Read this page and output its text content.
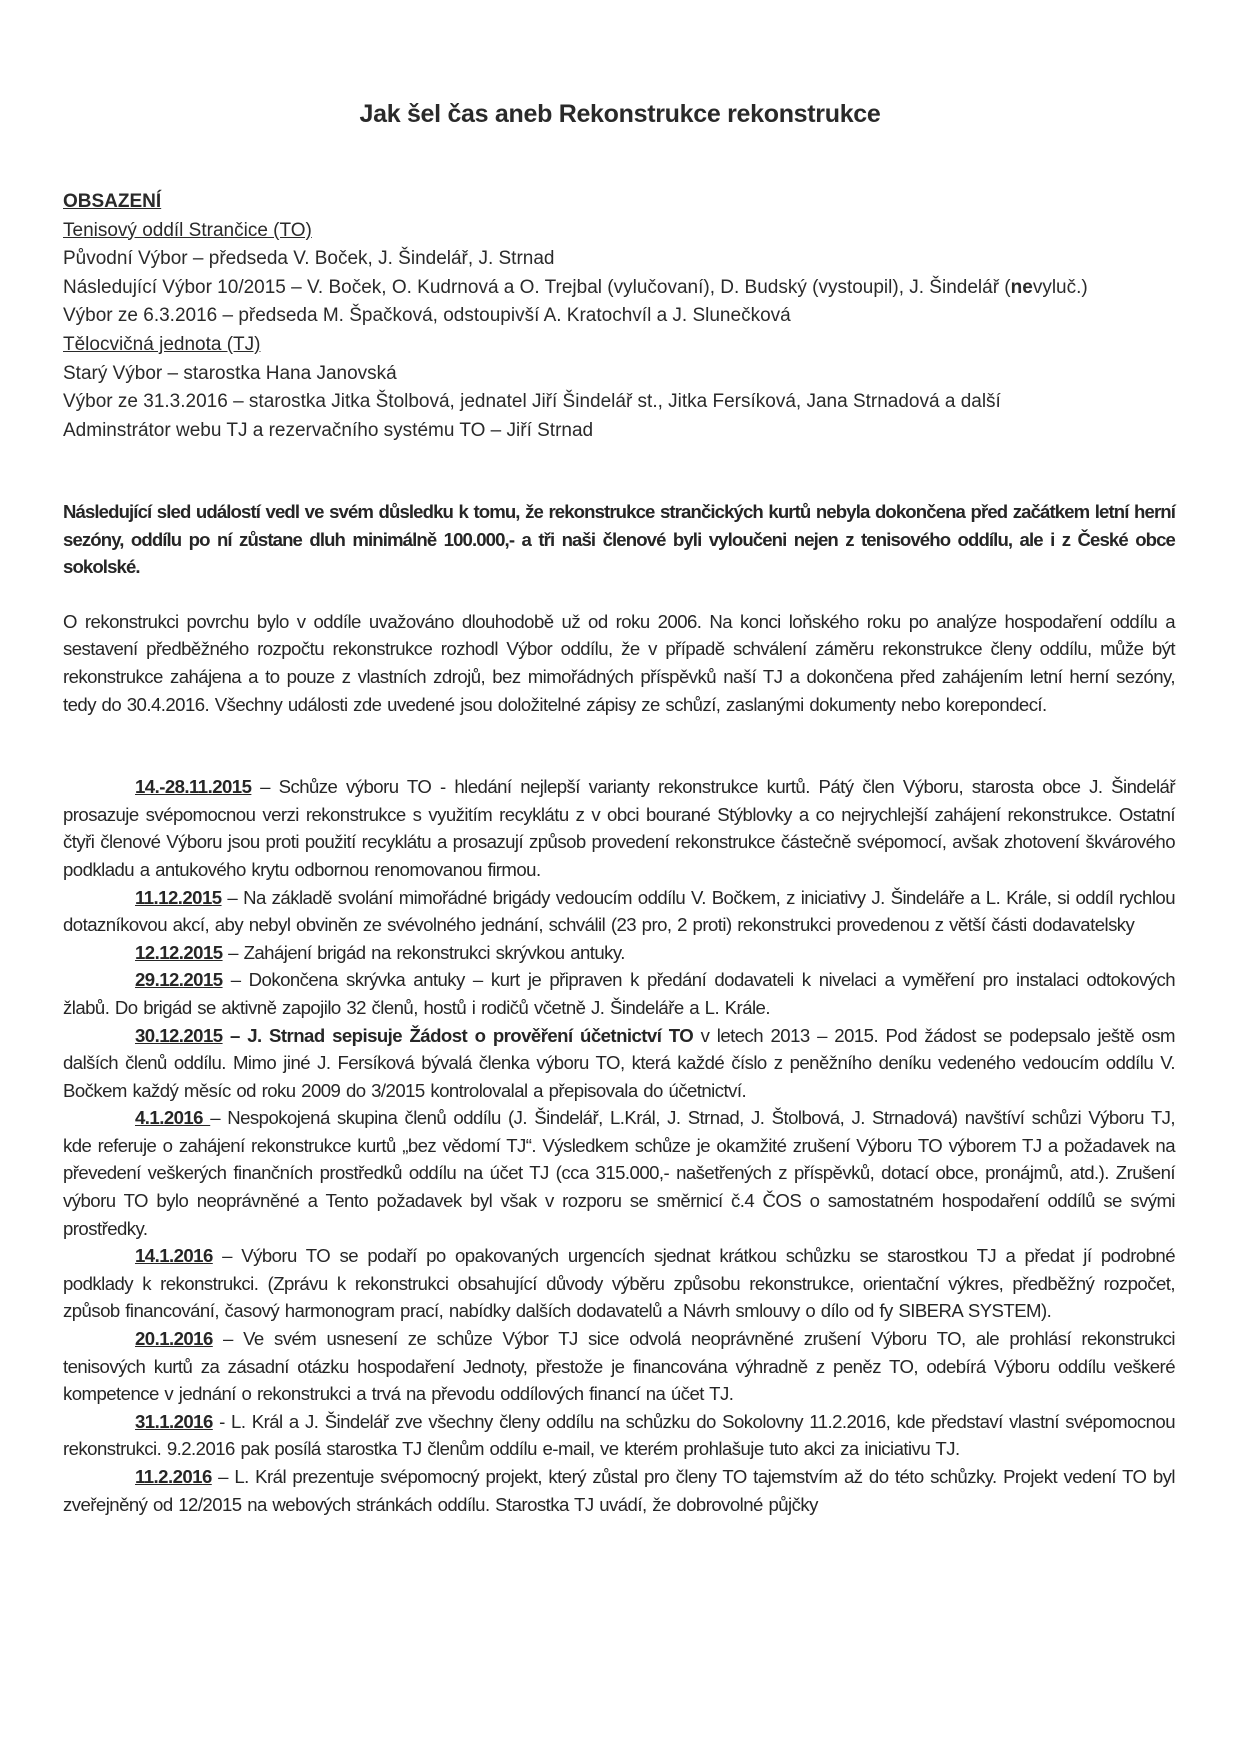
Jak šel čas aneb Rekonstrukce rekonstrukce
OBSAZENÍ
Tenisový oddíl Strančice (TO)
Původní Výbor – předseda V. Boček, J. Šindelář, J. Strnad
Následující Výbor 10/2015 – V. Boček, O. Kudrnová a O. Trejbal (vylučovaní), D. Budský (vystoupil), J. Šindelář (nevyluč.)
Výbor ze 6.3.2016 – předseda M. Špačková, odstoupivší A. Kratochvíl a J. Slunečková
Tělocvičná jednota (TJ)
Starý Výbor – starostka Hana Janovská
Výbor ze 31.3.2016 – starostka Jitka Štolbová, jednatel Jiří Šindelář st., Jitka Fersíková, Jana Strnadová a další
Adminstrátor webu TJ a rezervačního systému TO – Jiří Strnad

Následující sled událostí vedl ve svém důsledku k tomu, že rekonstrukce strančických kurtů nebyla dokončena před začátkem letní herní sezóny, oddílu po ní zůstane dluh minimálně 100.000,- a tři naši členové byli vyloučeni nejen z tenisového oddílu, ale i z České obce sokolské.

O rekonstrukci povrchu bylo v oddíle uvažováno dlouhodobě už od roku 2006. Na konci loňského roku po analýze hospodaření oddílu a sestavení předběžného rozpočtu rekonstrukce rozhodl Výbor oddílu, že v případě schválení záměru rekonstrukce členy oddílu, může být rekonstrukce zahájena a to pouze z vlastních zdrojů, bez mimořádných příspěvků naší TJ a dokončena před zahájením letní herní sezóny, tedy do 30.4.2016. Všechny události zde uvedené jsou doložitelné zápisy ze schůzí, zaslanými dokumenty nebo korepondecí.

14.-28.11.2015 – Schůze výboru TO - hledání nejlepší varianty rekonstrukce kurtů. Pátý člen Výboru, starosta obce J. Šindelář prosazuje svépomocnou verzi rekonstrukce s využitím recyklátu z v obci bourané Stýblovky a co nejrychlejší zahájení rekonstrukce. Ostatní čtyři členové Výboru jsou proti použití recyklátu a prosazují způsob provedení rekonstrukce částečně svépomocí, avšak zhotovení škvárového podkladu a antukového krytu odbornou renomovanou firmou.

11.12.2015 – Na základě svolání mimořádné brigády vedoucím oddílu V. Bočkem, z iniciativy J. Šindeláře a L. Krále, si oddíl rychlou dotazníkovou akcí, aby nebyl obviněn ze svévolného jednání, schválil (23 pro, 2 proti) rekonstrukci provedenou z větší části dodavatelsky

12.12.2015 – Zahájení brigád na rekonstrukci skrývkou antuky.

29.12.2015 – Dokončena skrývka antuky – kurt je připraven k předání dodavateli k nivelaci a vyměření pro instalaci odtokových žlabů. Do brigád se aktivně zapojilo 32 členů, hostů i rodičů včetně J. Šindeláře a L. Krále.

30.12.2015 – J. Strnad sepisuje Žádost o prověření účetnictví TO v letech 2013 – 2015. Pod žádost se podepsalo ještě osm dalších členů oddílu. Mimo jiné J. Fersíková bývalá členka výboru TO, která každé číslo z peněžního deníku vedeného vedoucím oddílu V. Bočkem každý měsíc od roku 2009 do 3/2015 kontrolovalal a přepisovala do účetnictví.

4.1.2016 – Nespokojená skupina členů oddílu (J. Šindelář, L.Král, J. Strnad, J. Štolbová, J. Strnadová) navštíví schůzi Výboru TJ, kde referuje o zahájení rekonstrukce kurtů „bez vědomí TJ“. Výsledkem schůze je okamžité zrušení Výboru TO výborem TJ a požadavek na převedení veškerých finančních prostředků oddílu na účet TJ (cca 315.000,- našetřených z příspěvků, dotací obce, pronájmů, atd.). Zrušení výboru TO bylo neoprávněné a Tento požadavek byl však v rozporu se směrnicí č.4 ČOS o samostatném hospodaření oddílů se svými prostředky.

14.1.2016 – Výboru TO se podaří po opakovaných urgencích sjednat krátkou schůzku se starostkou TJ a předat jí podrobné podklady k rekonstrukci. (Zprávu k rekonstrukci obsahující důvody výběru způsobu rekonstrukce, orientační výkres, předběžný rozpočet, způsob financování, časový harmonogram prací, nabídky dalších dodavatelů a Návrh smlouvy o dílo od fy SIBERA SYSTEM).

20.1.2016 – Ve svém usnesení ze schůze Výbor TJ sice odvolá neoprávněné zrušení Výboru TO, ale prohlásí rekonstrukci tenisových kurtů za zásadní otázku hospodaření Jednoty, přestože je financována výhradně z peněz TO, odebírá Výboru oddílu veškeré kompetence v jednání o rekonstrukci a trvá na převodu oddílových financí na účet TJ.

31.1.2016 - L. Král a J. Šindelář zve všechny členy oddílu na schůzku do Sokolovny 11.2.2016, kde představí vlastní svépomocnou rekonstrukci. 9.2.2016 pak posílá starostka TJ členům oddílu e-mail, ve kterém prohlašuje tuto akci za iniciativu TJ.

11.2.2016 – L. Král prezentuje svépomocný projekt, který zůstal pro členy TO tajemstvím až do této schůzky. Projekt vedení TO byl zveřejněný od 12/2015 na webových stránkách oddílu. Starostka TJ uvádí, že dobrovolné půjčky
